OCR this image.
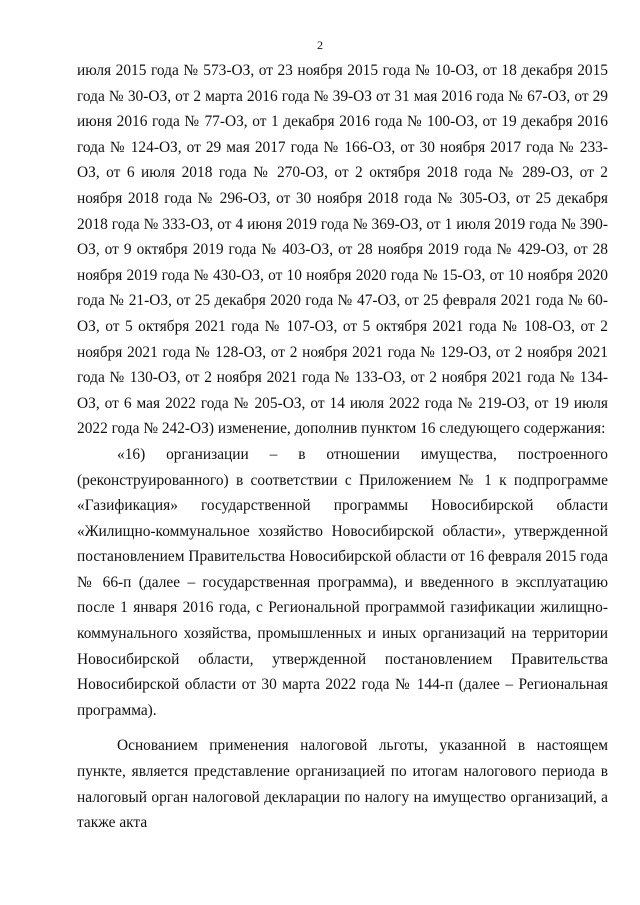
2

июля 2015 года № 573-ОЗ, от 23 ноября 2015 года № 10-ОЗ, от 18 декабря 2015 года № 30-ОЗ, от 2 марта 2016 года № 39-ОЗ от 31 мая 2016 года № 67-ОЗ, от 29 июня 2016 года № 77-ОЗ, от 1 декабря 2016 года № 100-ОЗ, от 19 декабря 2016 года № 124-ОЗ, от 29 мая 2017 года № 166-ОЗ, от 30 ноября 2017 года № 233-ОЗ, от 6 июля 2018 года № 270-ОЗ, от 2 октября 2018 года № 289-ОЗ, от 2 ноября 2018 года № 296-ОЗ, от 30 ноября 2018 года № 305-ОЗ, от 25 декабря 2018 года № 333-ОЗ, от 4 июня 2019 года № 369-ОЗ, от 1 июля 2019 года № 390-ОЗ, от 9 октября 2019 года № 403-ОЗ, от 28 ноября 2019 года № 429-ОЗ, от 28 ноября 2019 года № 430-ОЗ, от 10 ноября 2020 года № 15-ОЗ, от 10 ноября 2020 года № 21-ОЗ, от 25 декабря 2020 года № 47-ОЗ, от 25 февраля 2021 года № 60-ОЗ, от 5 октября 2021 года № 107-ОЗ, от 5 октября 2021 года № 108-ОЗ, от 2 ноября 2021 года № 128-ОЗ, от 2 ноября 2021 года № 129-ОЗ, от 2 ноября 2021 года № 130-ОЗ, от 2 ноября 2021 года № 133-ОЗ, от 2 ноября 2021 года № 134-ОЗ, от 6 мая 2022 года № 205-ОЗ, от 14 июля 2022 года № 219-ОЗ, от 19 июля 2022 года № 242-ОЗ) изменение, дополнив пунктом 16 следующего содержания:

«16) организации – в отношении имущества, построенного (реконструированного) в соответствии с Приложением № 1 к подпрограмме «Газификация» государственной программы Новосибирской области «Жилищно-коммунальное хозяйство Новосибирской области», утвержденной постановлением Правительства Новосибирской области от 16 февраля 2015 года № 66-п (далее – государственная программа), и введенного в эксплуатацию после 1 января 2016 года, с Региональной программой газификации жилищно-коммунального хозяйства, промышленных и иных организаций на территории Новосибирской области, утвержденной постановлением Правительства Новосибирской области от 30 марта 2022 года № 144-п (далее – Региональная программа).

Основанием применения налоговой льготы, указанной в настоящем пункте, является представление организацией по итогам налогового периода в налоговый орган налоговой декларации по налогу на имущество организаций, а также акта
